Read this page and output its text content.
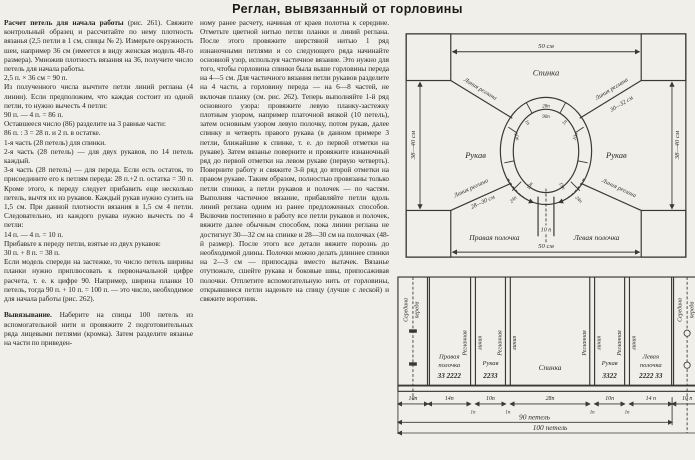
Реглан, вывязанный от горловины

Расчет петель для начала работы (рис. 261). Свяжите контрольный образец и рассчитайте по нему плотность вязанья (2,5 петли в 1 см, спицы № 2). Измерьте окружность шеи, например 36 см (имеется в виду женская модель 48-го размера). Умножив плотность вязания на 36, получите число петель для начала работы.

2,5 п. × 36 см = 90 п.

Из полученного числа вычтите петли линий реглана (4 линии). Если предположим, что каждая состоит из одной петли, то нужно вычесть 4 петли:

90 п. — 4 п. = 86 п.

Оставшееся число (86) разделите на 3 равные части:

86 п. : 3 = 28 п. и 2 п. в остатке.

1-я часть (28 петель) для спинки.

2-я часть (28 петель) — для двух рукавов, по 14 петель каждый.

3-я часть (28 петель) — для переда. Если есть остаток, то присоедините его к петлям переда: 28 п.+2 п. остатка = 30 п. Кроме этого, к переду следует прибавить еще несколько петель, вычтя их из рукавов. Каждый рукав нужно сузить на 1,5 см. При данной плотности вязания в 1,5 см 4 петли. Следовательно, из каждого рукава нужно вычесть по 4 петли:

14 п. — 4 п. = 10 п.

Прибавьте к переду петли, взятые из двух рукавов:

30 п. + 8 п. = 38 п.

Если модель спереди на застежке, то число петель ширины планки нужно приплюсовать к первоначальной цифре расчета, т. е. к цифре 90. Например, ширина планки 10 петель, тогда 90 п. + 10 п. = 100 п. — это число, необходимое для начала работы (рис. 262).

Вывязывание. Наберите на спицы 100 петель из вспомогательной нити и провяжите 2 подготовительных ряда лицевыми петлями (кромка). Затем разделите вязанье на части по приведен-

ному ранее расчету, начиная от краев полотна к середине. Отметьте цветной нитью петли планки и линий реглана. После этого провяжите шерстяной нитью 1 ряд изнаночными петлями и со следующего ряда начинайте основной узор, используя частичное вязание. Это нужно для того, чтобы горловина спинки была выше горловины переда на 4—5 см. Для частичного вязания петли рукавов разделите на 4 части, а горловину переда — на 6—8 частей, не включая планку (см. рис. 262). Теперь выполняйте 1-й ряд основного узора: провяжите левую планку-застежку плотным узором, например платочной вязкой (10 петель), затем основным узором левую полочку, потом рукав, далее спинку и четверть правого рукава (в данном примере 3 петли, ближайшие к спинке, т. е. до первой отметки на рукаве). Затем вязанье поверните и провяжите изнаночный ряд до первой отметки на левом рукаве (первую четверть). Поверните работу и свяжите 3-й ряд до второй отметки на правом рукаве. Таким образом, полностью провязаны только петли спинки, а петли рукавов и полочек — по частям. Выполняя частичное вязание, прибавляйте петли вдоль линий реглана одним из ранее предложенных способов. Включив постепенно в работу все петли рукавов и полочек, вяжите далее обычным способом, пока линии реглана не достигнут 30—32 см на спинке и 28—30 см на полочках (48-й размер). После этого все детали вяжите порознь до необходимой длины. Полочки можно делать длиннее спинки на 2—3 см — припосадка вместо вытачек. Вязанье отутюжьте, сшейте рукава и боковые швы, припосаживая полочки. Отплетите вспомогательную нить от горловины, открывшиеся петли наденьте на спицу (лучше с леской) и свяжите воротник.

50 см
Спинка
Рукав	Рукав
Правая полочка	Левая полочка
50 см
10 п
38—40 см	38—40 см
Линия реглана	Линия реглана
30—32 см
Линия реглана
28—30 см
Линия реглана
28п
90п
1п
10п
1п
10п
19п	19п
24п	24п
Регланная линия Регланная линия	Регланная линия Регланная линия
Середина переда
Правая
полочка
33 2222
Рукав
2233
Спинка	Рукав
3322
Левая
полочка
2222 33
Середина переда
10п	14п	10п	28п	10п	14 п	10 п
1п	1п	1п	1п
90 петель
100 петель
